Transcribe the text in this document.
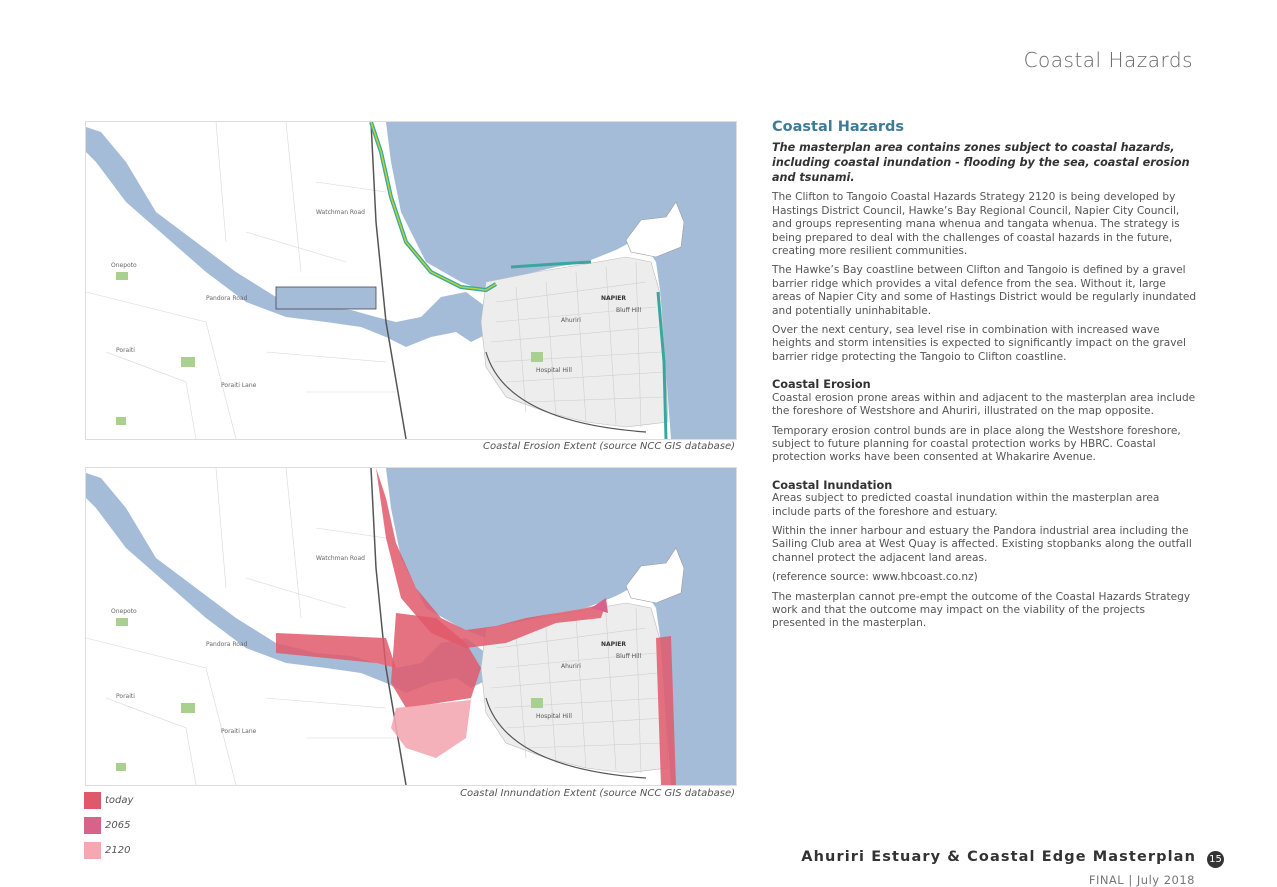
Coastal Hazards
Watchman Road
Pandora Road
Poraiti Lane
Poraiti
Onepoto
NAPIER
Ahuriri
Bluff Hill
Hospital Hill
Coastal Erosion Extent (source NCC GIS database)
Watchman Road
Pandora Road
Poraiti Lane
Poraiti
Onepoto
NAPIER
Ahuriri
Bluff Hill
Hospital Hill
Coastal Innundation Extent (source NCC GIS database)
today
2065
2120
Coastal Hazards

The masterplan area contains zones subject to coastal hazards, including coastal inundation - flooding by the sea, coastal erosion and tsunami.

The Clifton to Tangoio Coastal Hazards Strategy 2120 is being developed by Hastings District Council, Hawke’s Bay Regional Council, Napier City Council, and groups representing mana whenua and tangata whenua. The strategy is being prepared to deal with the challenges of coastal hazards in the future, creating more resilient communities.

The Hawke’s Bay coastline between Clifton and Tangoio is defined by a gravel barrier ridge which provides a vital defence from the sea. Without it, large areas of Napier City and some of Hastings District would be regularly inundated and potentially uninhabitable.

Over the next century, sea level rise in combination with increased wave heights and storm intensities is expected to significantly impact on the gravel barrier ridge protecting the Tangoio to Clifton coastline.

Coastal Erosion

Coastal erosion prone areas within and adjacent to the masterplan area include the foreshore of Westshore and Ahuriri, illustrated on the map opposite.

Temporary erosion control bunds are in place along the Westshore foreshore, subject to future planning for coastal protection works by HBRC. Coastal protection works have been consented at Whakarire Avenue.

Coastal Inundation

Areas subject to predicted coastal inundation within the masterplan area include parts of the foreshore and estuary.

Within the inner harbour and estuary the Pandora industrial area including the Sailing Club area at West Quay is affected. Existing stopbanks along the outfall channel protect the adjacent land areas.

(reference source: www.hbcoast.co.nz)

The masterplan cannot pre-empt the outcome of the Coastal Hazards Strategy work and that the outcome may impact on the viability of the projects presented in the masterplan.

Ahuriri Estuary & Coastal Edge Masterplan 15
FINAL | July 2018
